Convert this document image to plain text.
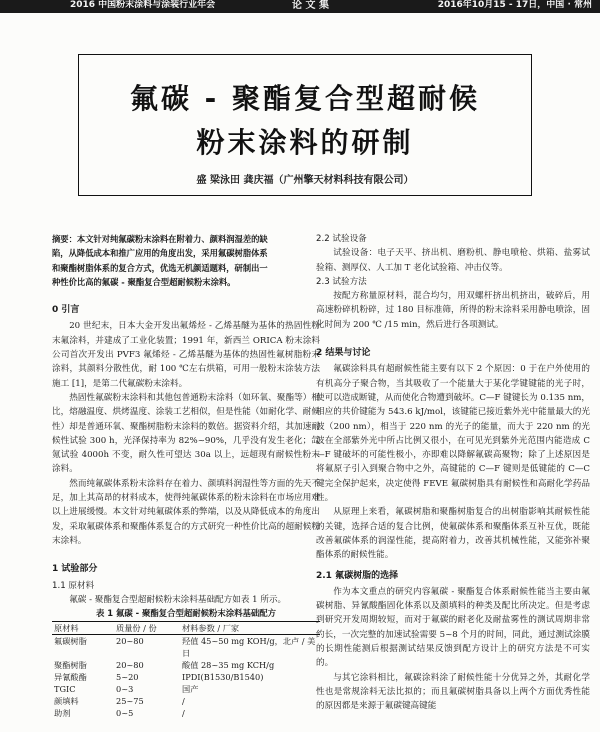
2016 中国粉末涂料与涂装行业年会	论 文 集	2016年10月15 - 17日，中国 · 常州
氟碳 - 聚酯复合型超耐候
粉末涂料的研制
盛 梁泳田 龚庆福（广州擎天材料科技有限公司）

摘要：本文针对纯氟碳粉末涂料在附着力、颜料润湿差的缺

陷，从降低成本和推广应用的角度出发，采用氟碳树脂体系

和聚酯树脂体系的复合方式，优选无机颜适题料，研制出一

种性价比高的氟碳 - 聚酯复合型超耐候粉末涂料。

0 引言

20 世纪末，日本大金开发出氟烯烃 - 乙烯基醚为基体的热固性粉末氟涂料，并建成了工业化装置；1991 年，新西兰 ORICA 粉末涂料公司首次开发出 PVF3 氟烯烃 - 乙烯基醚为基体的热固性氟树脂粉末涂料，其颜料分散性优，耐 100 ℃左右烘箱，可用一般粉末涂装方法施工 [1]，是第二代氟碳粉末涂料。

热固性氟碳粉末涂料和其他包普通粉末涂料（如环氧、聚酯等）相比，熔融温度、烘烤温度、涂装工艺相似，但是性能（如耐化学、耐候性）却是普通环氧、聚酯树脂粉末涂料的数倍。据资料介绍，其加速耐候性试验 300 h，光泽保持率为 82%~90%，几乎没有发生老化；氙氪试验 4000h 不变，耐久性可望达 30a 以上，远超现有耐候性粉末涂料。

然而纯氟碳体系粉末涂料存在着力、颜填料润湿性等方面的先天不足，加上其高昂的材料成本，使得纯氟碳体系的粉末涂料在市场应用难以上进展缓慢。本文针对纯氟碳体系的弊端，以及从降低成本的角度出发，采取氟碳体系和聚酯体系复合的方式研究一种性价比高的超耐候粉末涂料。

1 试验部分
1.1 原材料

氟碳 - 聚酯复合型超耐候粉末涂料基础配方如表 1 所示。

表 1 氟碳 - 聚酯复合型超耐候粉末涂料基础配方
原材料	质量份 / 份	材料参数 / 厂家
氟碳树脂	20~80	羟值 45~50 mg KOH/g，北卢 / 美日
聚酯树脂	20~80	酸值 28~35 mg KCH/g
异氰酸酯	5~20	IPDI(B1530/B1540)
TGIC	0~3	国产
颜填料	25~75	/
助剂	0~5	/
2.2 试验设备

试验设备：电子天平、挤出机、磨粉机、静电喷枪、烘箱、盐雾试验箱、测厚仪、人工加 T 老化试验箱、冲击仪等。

2.3 试验方法

按配方称量原材料，混合均匀，用双螺杆挤出机挤出，破碎后，用高速粉碎机粉碎，过 180 目标准筛，所得的粉末涂料采用静电喷涂，固化时间为 200 ℃ /15 min，然后进行各项测试。

2 结果与讨论

氟碳涂料具有超耐候性能主要有以下 2 个原因：0 于在户外使用的有机高分子聚合物，当其吸收了一个能量大于某化学键键能的光子时，使可以造成断键，从而使化合物遭到破坏。C—F 键键长为 0.135 nm，相应的共价键能为 543.6 kJ/mol，该键能已接近紫外光中能量最大的光波（200 nm），相当于 220 nm 的光子的能量，而大于 220 nm 的光波在全部紫外光中所占比例又很小，在可见光到紫外光范围内能造成 C—F 键破坏的可能性极小，亦即难以降解氟碳高聚物；除了上述原因是将氟原子引入到聚合物中之外，高键能的 C—F 键则是低键能的 C—C 键完全保护起来，决定使得 FEVE 氟碳树脂具有耐候性和高耐化学药品性。

从原理上来看，氟碳树脂和聚酯树脂复合的出树脂影响其耐候性能的关键，选择合适的复合比例，使氟碳体系和聚酯体系互补互优，既能改善氟碳体系的润湿性能，提高附着力，改善其机械性能，又能弥补聚酯体系的耐候性能。

2.1 氟碳树脂的选择

作为本文重点的研究内容氟碳 - 聚酯复合体系耐候性能当主要由氟碳树脂、异氰酸酯固化体系以及颜填料的种类及配比所决定。但是考虑到研究开发周期较短，而对于氟碳的耐老化及耐盐雾性的测试周期非常约长，一次完整的加速试验需要 5~8 个月的时间，同此，通过测试涂膜的长期性能测后根据测试结果反馈到配方设计上的研究方法是不可实的。

与其它涂料相比，氟碳涂料涂了耐候性能十分优异之外，其耐化学性也是常规涂料无法比拟的；而且氟碳树脂具备以上两个方面优秀性能的原因都是来源于氟碳键高键能
